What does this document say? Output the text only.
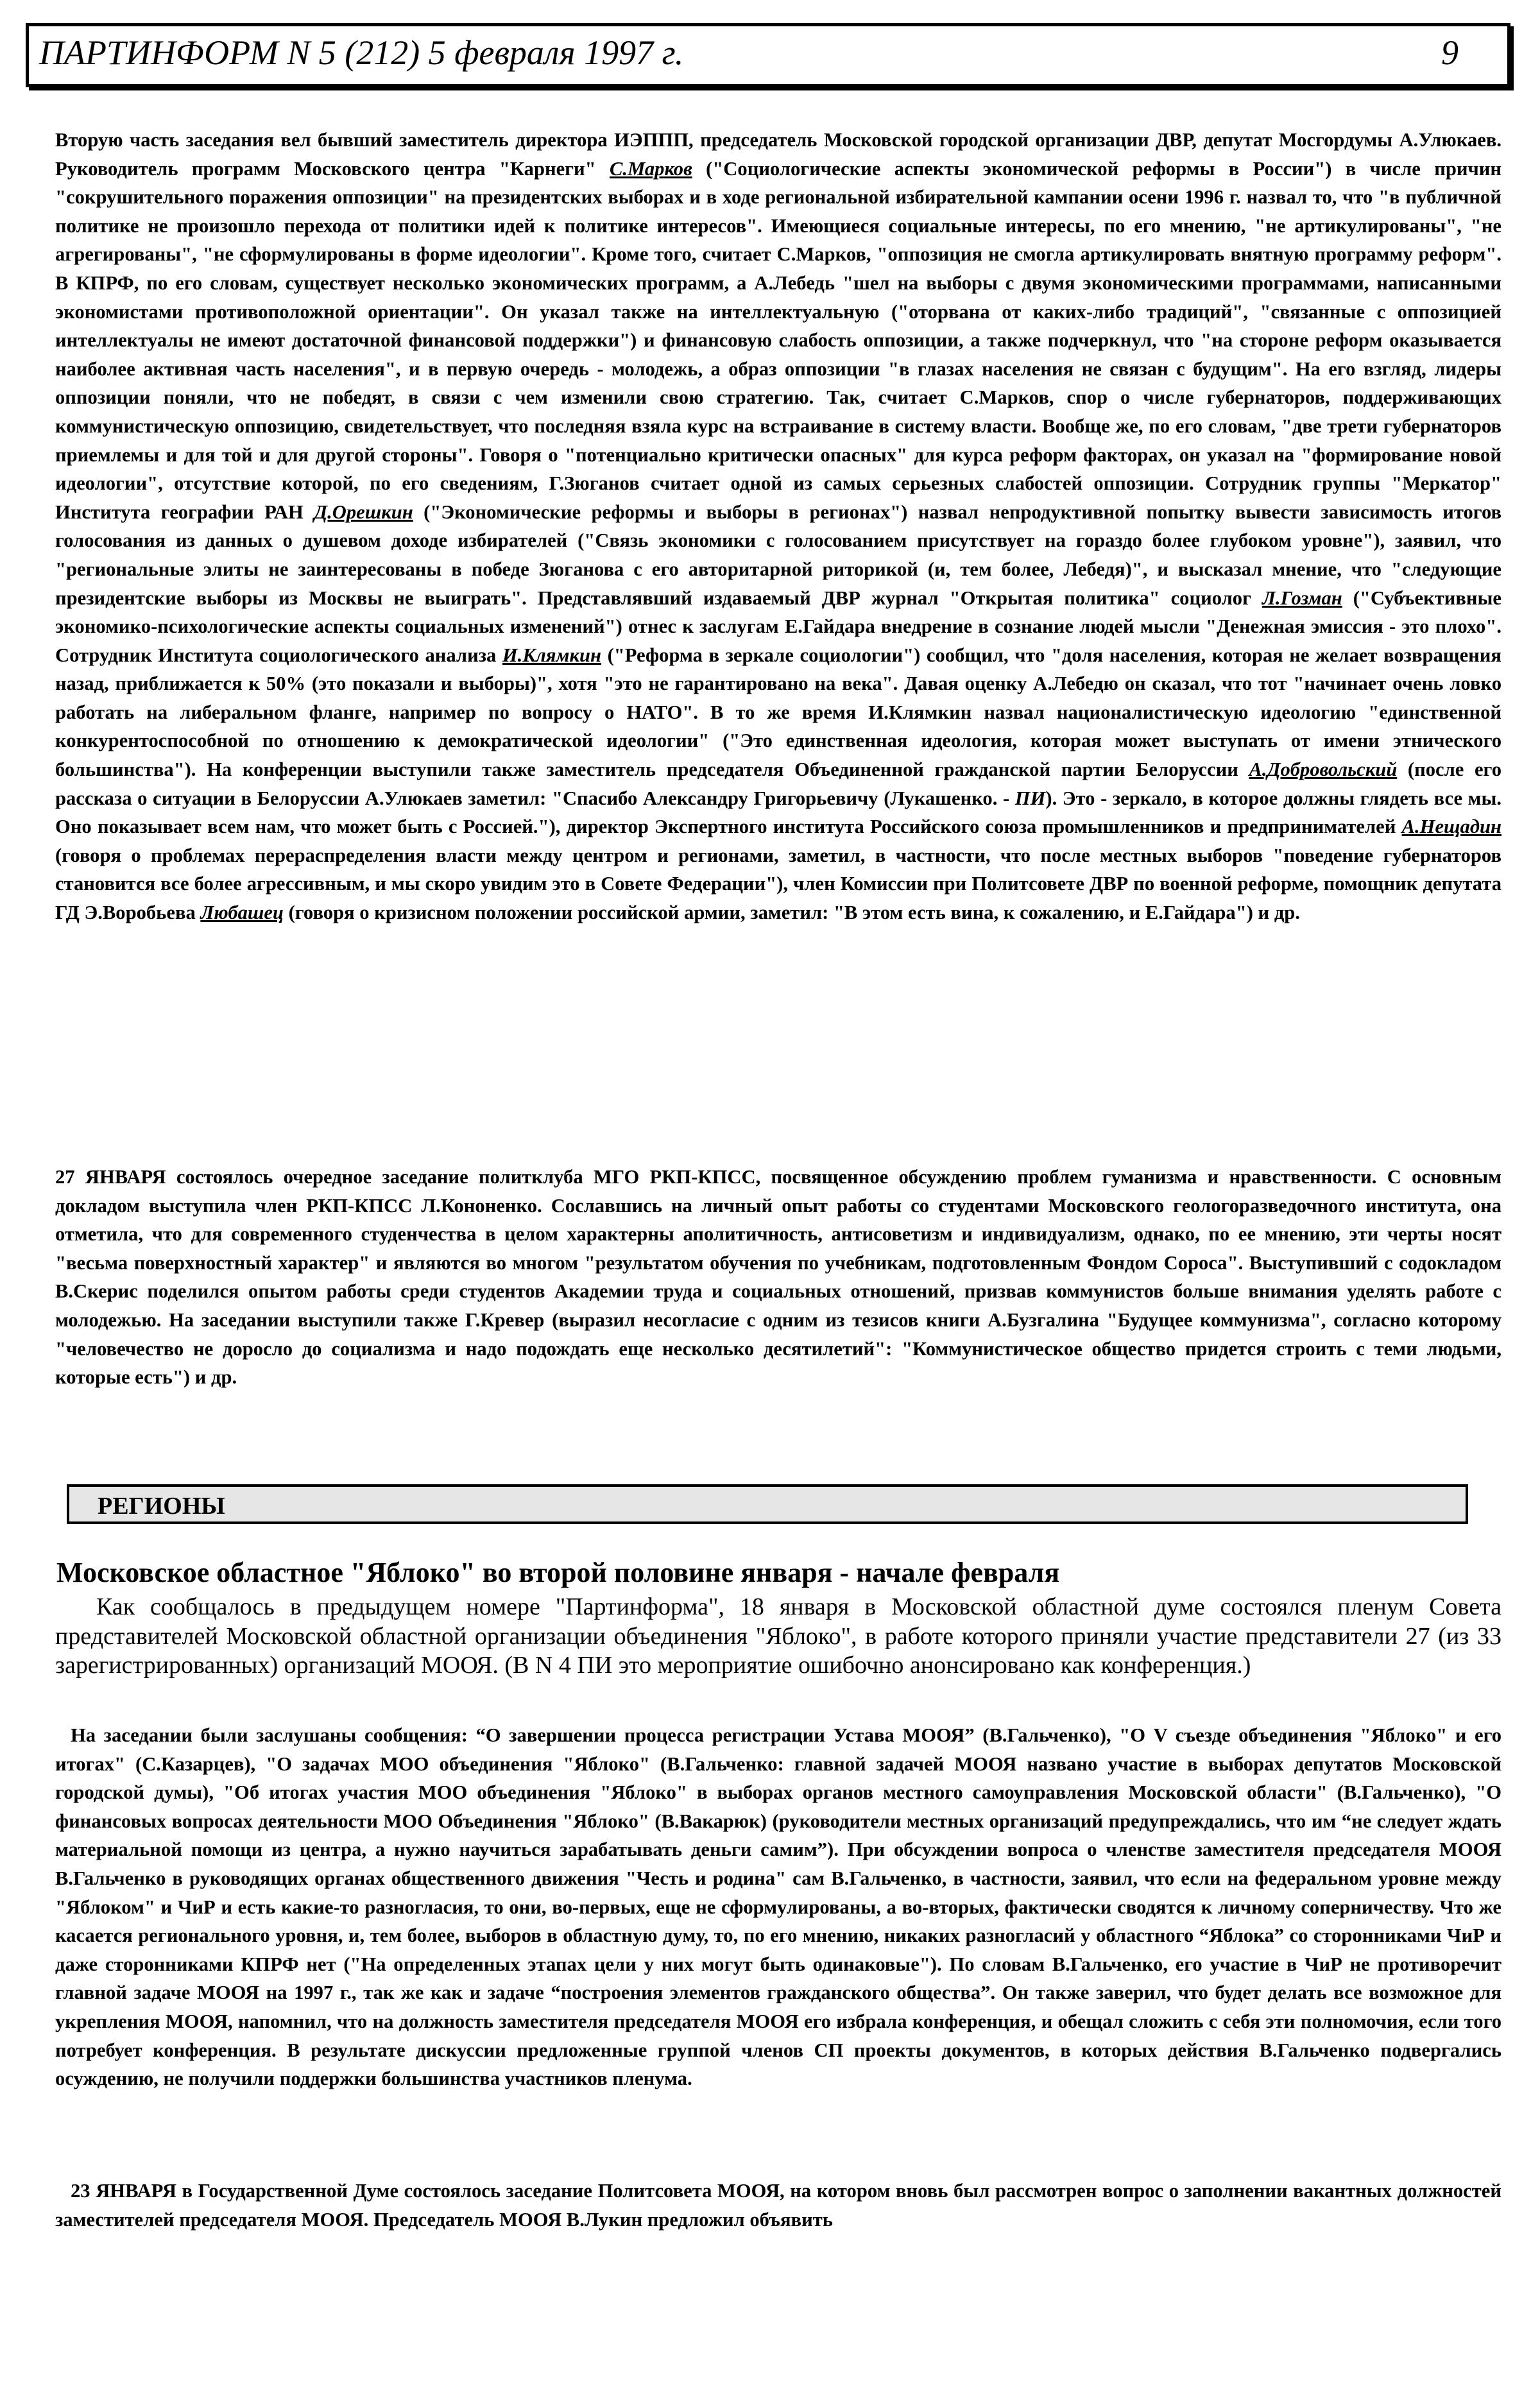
ПАРТИНФОРМ N 5 (212) 5 февраля 1997 г.	9

Вторую часть заседания вел бывший заместитель директора ИЭППП, председатель Московской городской организации ДВР, депутат Мосгордумы А.Улюкаев. Руководитель программ Московского центра "Карнеги" С.Марков ("Социологические аспекты экономической реформы в России") в числе причин "сокрушительного поражения оппозиции" на президентских выборах и в ходе региональной избирательной кампании осени 1996 г. назвал то, что "в публичной политике не произошло перехода от политики идей к политике интересов". Имеющиеся социальные интересы, по его мнению, "не артикулированы", "не агрегированы", "не сформулированы в форме идеологии". Кроме того, считает С.Марков, "оппозиция не смогла артикулировать внятную программу реформ". В КПРФ, по его словам, существует несколько экономических программ, а А.Лебедь "шел на выборы с двумя экономическими программами, написанными экономистами противоположной ориентации". Он указал также на интеллектуальную ("оторвана от каких-либо традиций", "связанные с оппозицией интеллектуалы не имеют достаточной финансовой поддержки") и финансовую слабость оппозиции, а также подчеркнул, что "на стороне реформ оказывается наиболее активная часть населения", и в первую очередь - молодежь, а образ оппозиции "в глазах населения не связан с будущим". На его взгляд, лидеры оппозиции поняли, что не победят, в связи с чем изменили свою стратегию. Так, считает С.Марков, спор о числе губернаторов, поддерживающих коммунистическую оппозицию, свидетельствует, что последняя взяла курс на встраивание в систему власти. Вообще же, по его словам, "две трети губернаторов приемлемы и для той и для другой стороны". Говоря о "потенциально критически опасных" для курса реформ факторах, он указал на "формирование новой идеологии", отсутствие которой, по его сведениям, Г.Зюганов считает одной из самых серьезных слабостей оппозиции. Сотрудник группы "Меркатор" Института географии РАН Д.Орешкин ("Экономические реформы и выборы в регионах") назвал непродуктивной попытку вывести зависимость итогов голосования из данных о душевом доходе избирателей ("Связь экономики с голосованием присутствует на гораздо более глубоком уровне"), заявил, что "региональные элиты не заинтересованы в победе Зюганова с его авторитарной риторикой (и, тем более, Лебедя)", и высказал мнение, что "следующие президентские выборы из Москвы не выиграть". Представлявший издаваемый ДВР журнал "Открытая политика" социолог Л.Гозман ("Субъективные экономико-психологические аспекты социальных изменений") отнес к заслугам Е.Гайдара внедрение в сознание людей мысли "Денежная эмиссия - это плохо". Сотрудник Института социологического анализа И.Клямкин ("Реформа в зеркале социологии") сообщил, что "доля населения, которая не желает возвращения назад, приближается к 50% (это показали и выборы)", хотя "это не гарантировано на века". Давая оценку А.Лебедю он сказал, что тот "начинает очень ловко работать на либеральном фланге, например по вопросу о НАТО". В то же время И.Клямкин назвал националистическую идеологию "единственной конкурентоспособной по отношению к демократической идеологии" ("Это единственная идеология, которая может выступать от имени этнического большинства"). На конференции выступили также заместитель председателя Объединенной гражданской партии Белоруссии А.Добровольский (после его рассказа о ситуации в Белоруссии А.Улюкаев заметил: "Спасибо Александру Григорьевичу (Лукашенко. - ПИ). Это - зеркало, в которое должны глядеть все мы. Оно показывает всем нам, что может быть с Россией."), директор Экспертного института Российского союза промышленников и предпринимателей А.Нещадин (говоря о проблемах перераспределения власти между центром и регионами, заметил, в частности, что после местных выборов "поведение губернаторов становится все более агрессивным, и мы скоро увидим это в Совете Федерации"), член Комиссии при Политсовете ДВР по военной реформе, помощник депутата ГД Э.Воробьева Любашец (говоря о кризисном положении российской армии, заметил: "В этом есть вина, к сожалению, и Е.Гайдара") и др.

27 ЯНВАРЯ состоялось очередное заседание политклуба МГО РКП-КПСС, посвященное обсуждению проблем гуманизма и нравственности. С основным докладом выступила член РКП-КПСС Л.Кононенко. Сославшись на личный опыт работы со студентами Московского геологоразведочного института, она отметила, что для современного студенчества в целом характерны аполитичность, антисоветизм и индивидуализм, однако, по ее мнению, эти черты носят "весьма поверхностный характер" и являются во многом "результатом обучения по учебникам, подготовленным Фондом Сороса". Выступивший с содокладом В.Скерис поделился опытом работы среди студентов Академии труда и социальных отношений, призвав коммунистов больше внимания уделять работе с молодежью. На заседании выступили также Г.Кревер (выразил несогласие с одним из тезисов книги А.Бузгалина "Будущее коммунизма", согласно которому "человечество не доросло до социализма и надо подождать еще несколько десятилетий": "Коммунистическое общество придется строить с теми людьми, которые есть") и др.

РЕГИОНЫ
Московское областное "Яблоко" во второй половине января - начале февраля
Как сообщалось в предыдущем номере "Партинформа", 18 января в Московской областной думе состоялся пленум Совета представителей Московской областной организации объединения "Яблоко", в работе которого приняли участие представители 27 (из 33 зарегистрированных) организаций МООЯ. (В N 4 ПИ это мероприятие ошибочно анонсировано как конференция.)

На заседании были заслушаны сообщения: “О завершении процесса регистрации Устава МООЯ” (В.Гальченко), "О V съезде объединения "Яблоко" и его итогах" (С.Казарцев), "О задачах МОО объединения "Яблоко" (В.Гальченко: главной задачей МООЯ названо участие в выборах депутатов Московской городской думы), "Об итогах участия МОО объединения "Яблоко" в выборах органов местного самоуправления Московской области" (В.Гальченко), "О финансовых вопросах деятельности МОО Объединения "Яблоко" (В.Вакарюк) (руководители местных организаций предупреждались, что им “не следует ждать материальной помощи из центра, а нужно научиться зарабатывать деньги самим”). При обсуждении вопроса о членстве заместителя председателя МООЯ В.Гальченко в руководящих органах общественного движения "Честь и родина" сам В.Гальченко, в частности, заявил, что если на федеральном уровне между "Яблоком" и ЧиР и есть какие-то разногласия, то они, во-первых, еще не сформулированы, а во-вторых, фактически сводятся к личному соперничеству. Что же касается регионального уровня, и, тем более, выборов в областную думу, то, по его мнению, никаких разногласий у областного “Яблока” со сторонниками ЧиР и даже сторонниками КПРФ нет ("На определенных этапах цели у них могут быть одинаковые"). По словам В.Гальченко, его участие в ЧиР не противоречит главной задаче МООЯ на 1997 г., так же как и задаче “построения элементов гражданского общества”. Он также заверил, что будет делать все возможное для укрепления МООЯ, напомнил, что на должность заместителя председателя МООЯ его избрала конференция, и обещал сложить с себя эти полномочия, если того потребует конференция. В результате дискуссии предложенные группой членов СП проекты документов, в которых действия В.Гальченко подвергались осуждению, не получили поддержки большинства участников пленума.

23 ЯНВАРЯ в Государственной Думе состоялось заседание Политсовета МООЯ, на котором вновь был рассмотрен вопрос о заполнении вакантных должностей заместителей председателя МООЯ. Председатель МООЯ В.Лукин предложил объявить
